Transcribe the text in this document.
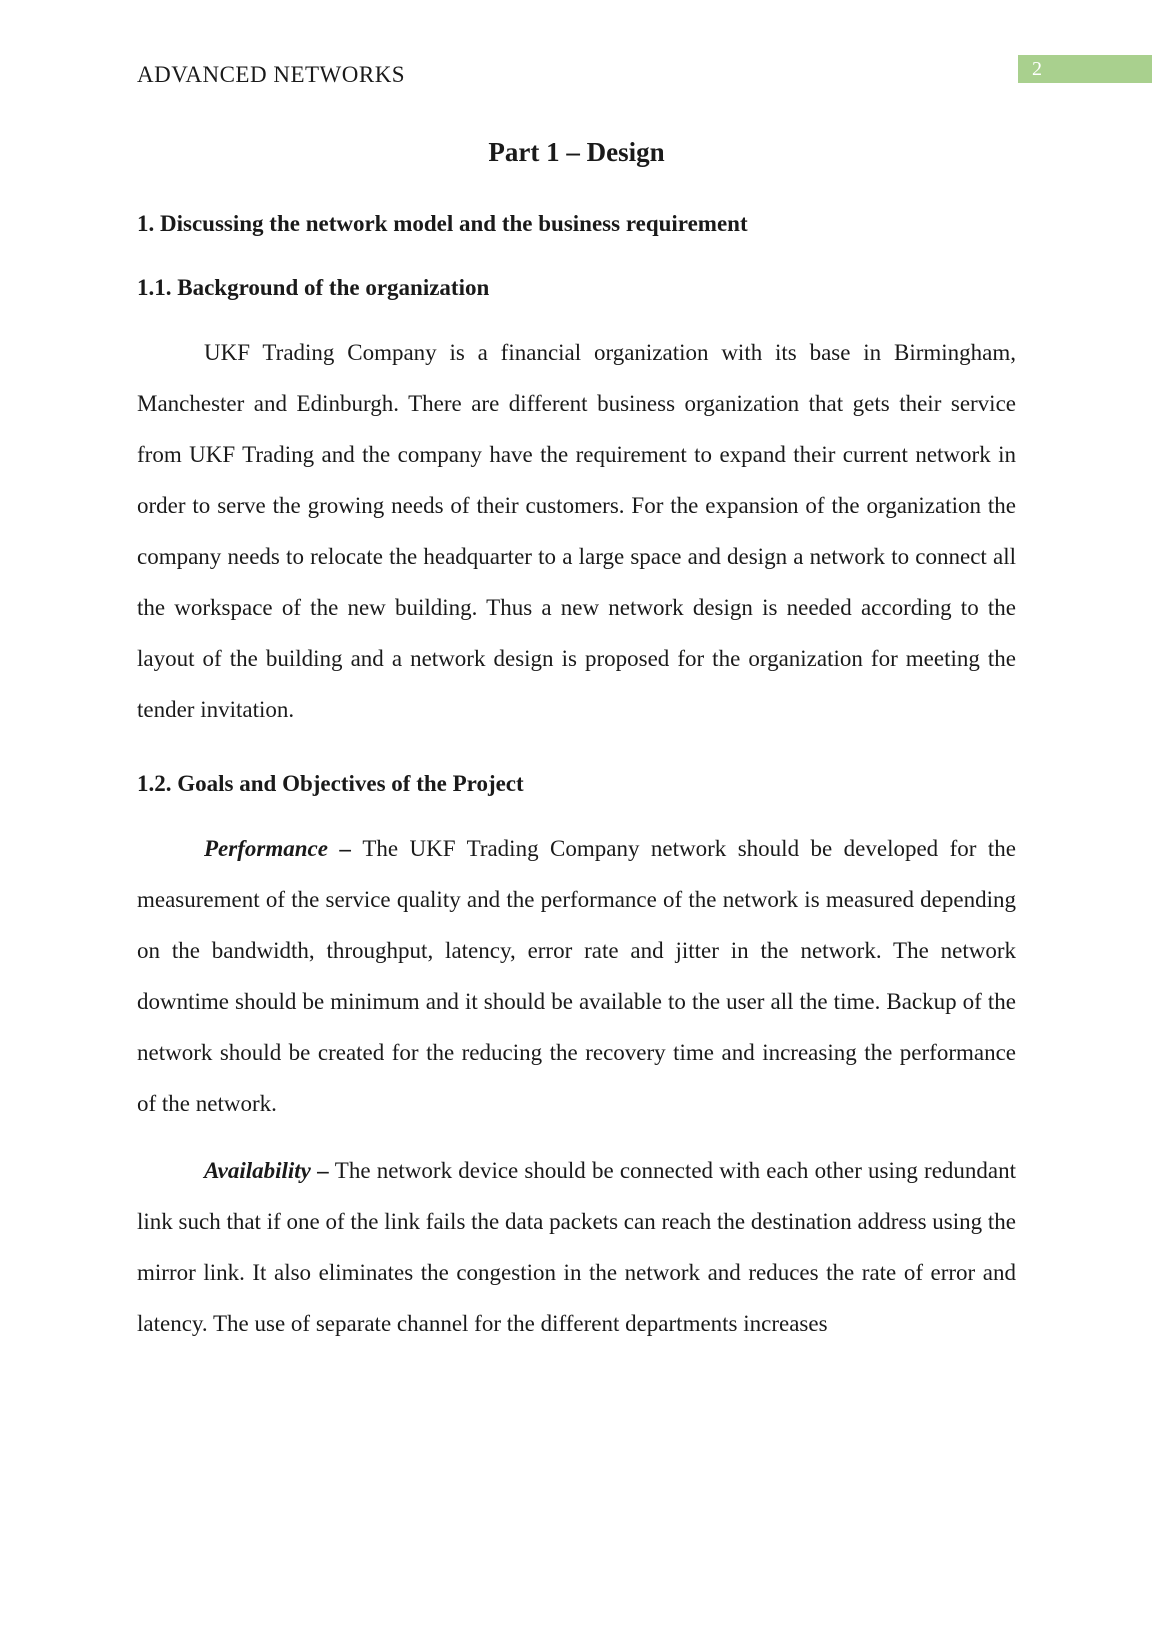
2

ADVANCED NETWORKS

Part 1 – Design
1. Discussing the network model and the business requirement
1.1. Background of the organization

UKF Trading Company is a financial organization with its base in Birmingham, Manchester and Edinburgh. There are different business organization that gets their service from UKF Trading and the company have the requirement to expand their current network in order to serve the growing needs of their customers. For the expansion of the organization the company needs to relocate the headquarter to a large space and design a network to connect all the workspace of the new building. Thus a new network design is needed according to the layout of the building and a network design is proposed for the organization for meeting the tender invitation.

1.2. Goals and Objectives of the Project

Performance – The UKF Trading Company network should be developed for the measurement of the service quality and the performance of the network is measured depending on the bandwidth, throughput, latency, error rate and jitter in the network. The network downtime should be minimum and it should be available to the user all the time. Backup of the network should be created for the reducing the recovery time and increasing the performance of the network.

Availability – The network device should be connected with each other using redundant link such that if one of the link fails the data packets can reach the destination address using the mirror link. It also eliminates the congestion in the network and reduces the rate of error and latency. The use of separate channel for the different departments increases
